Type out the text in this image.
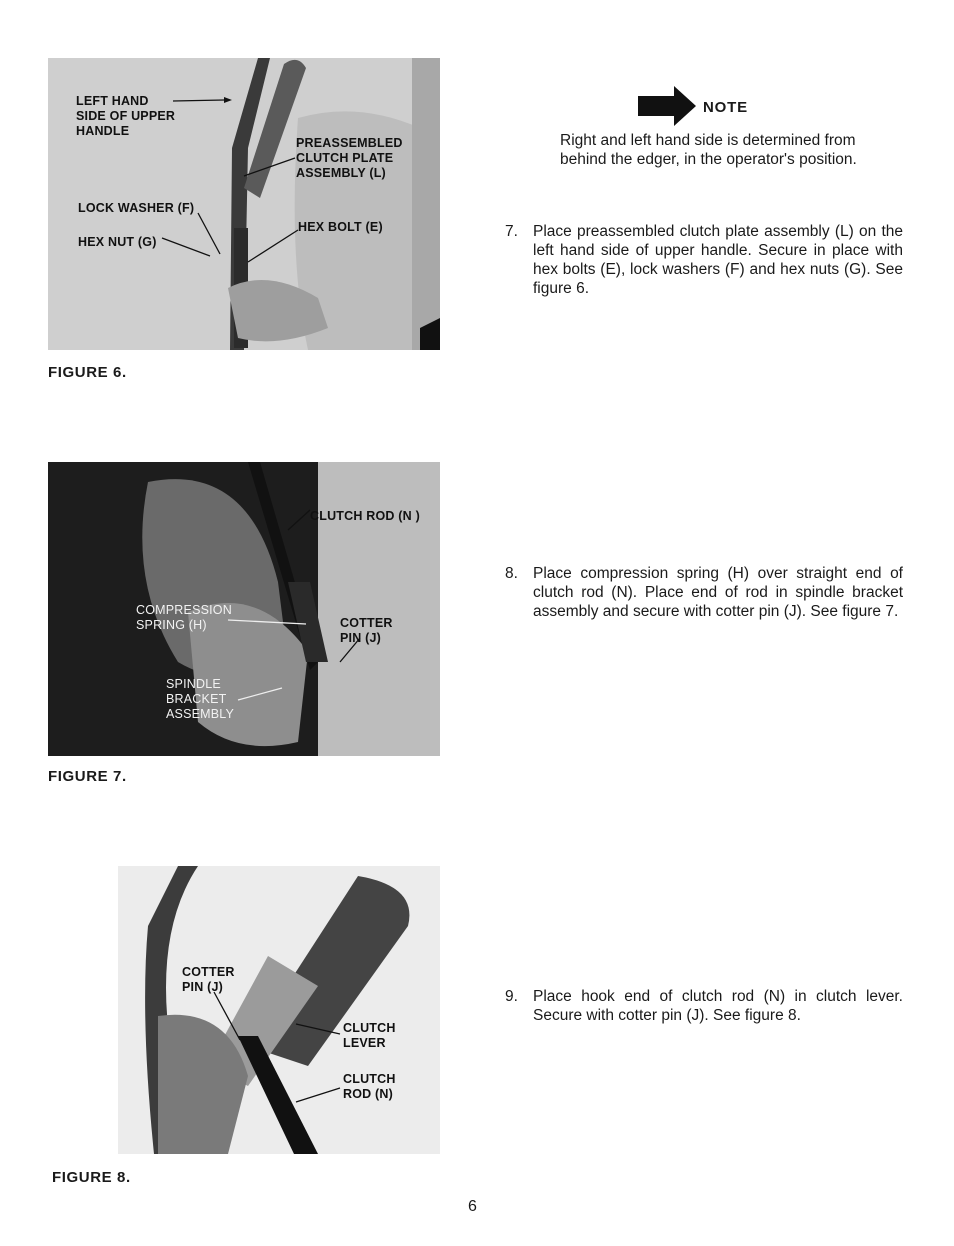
LEFT HAND
SIDE OF UPPER
HANDLE
PREASSEMBLED
CLUTCH PLATE
ASSEMBLY (L)
LOCK WASHER (F)
HEX BOLT (E)
HEX NUT (G)
FIGURE 6.
CLUTCH ROD (N )
COMPRESSION
SPRING (H)	COTTER
PIN (J)
SPINDLE
BRACKET
ASSEMBLY
FIGURE 7.
COTTER
PIN (J)
CLUTCH
LEVER
CLUTCH
ROD (N)
FIGURE 8.
NOTE
Right and left hand side is determined from behind the edger, in the operator's position.
7. Place preassembled clutch plate assembly (L) on the left hand side of upper handle. Secure in place with hex bolts (E), lock washers (F) and hex nuts (G). See figure 6.
8. Place compression spring (H) over straight end of clutch rod (N). Place end of rod in spindle bracket assembly and secure with cotter pin (J). See figure 7.
9. Place hook end of clutch rod (N) in clutch lever. Secure with cotter pin (J). See figure 8.
6
